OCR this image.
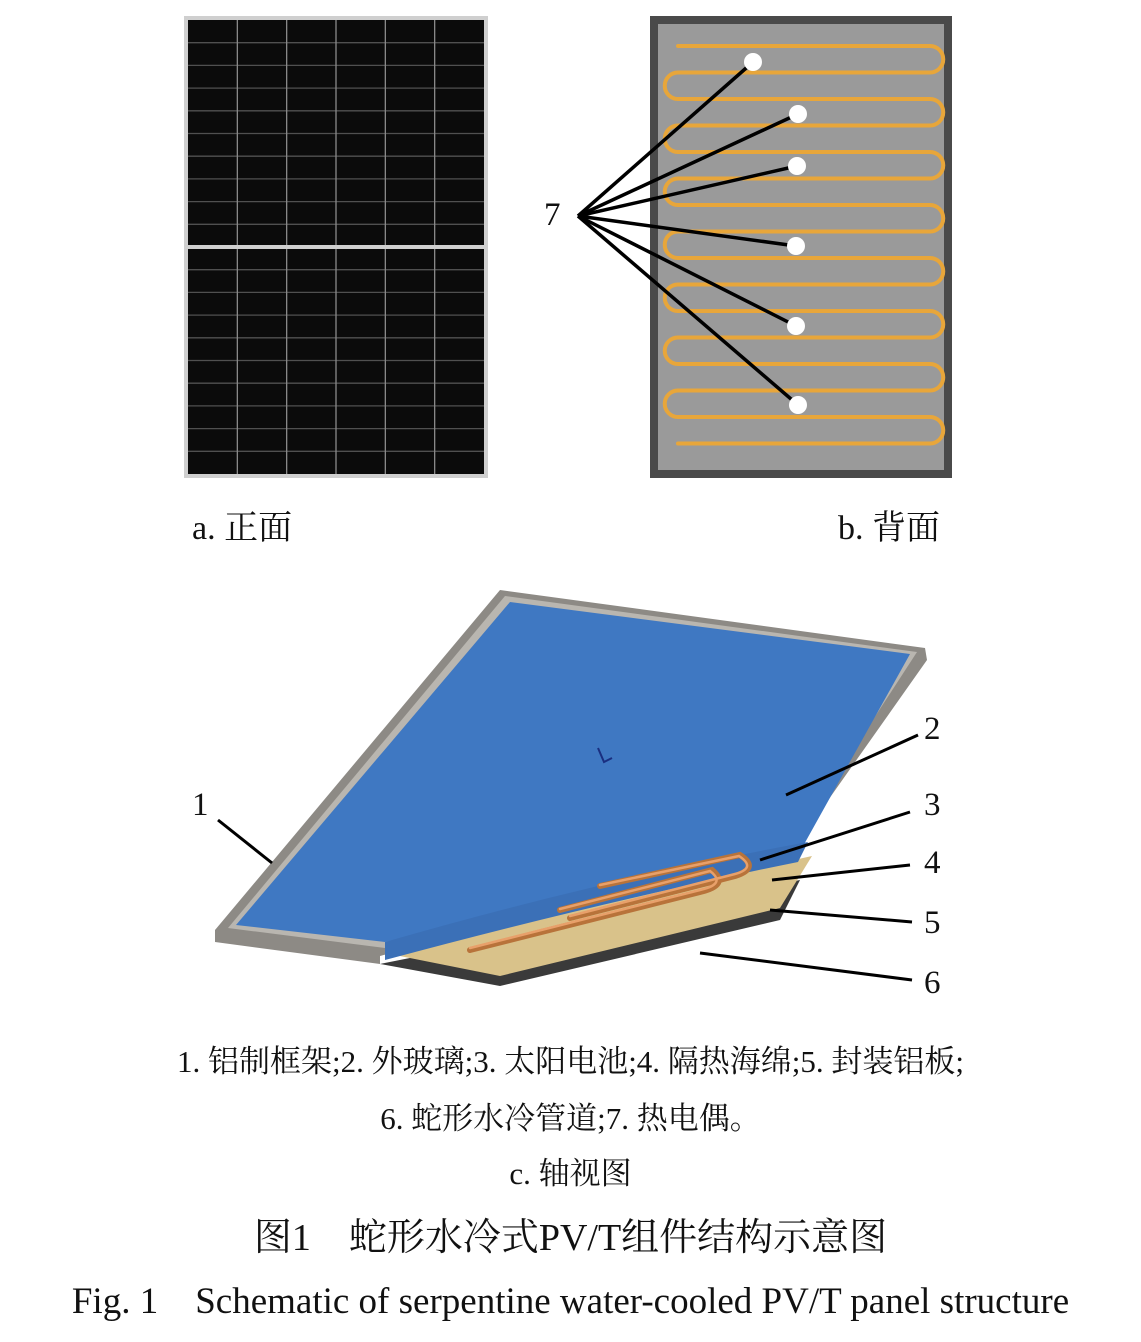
a. 正面
7
b. 背面
1
2
3
4
5
6
1. 铝制框架;2. 外玻璃;3. 太阳电池;4. 隔热海绵;5. 封装铝板;
6. 蛇形水冷管道;7. 热电偶。
c. 轴视图
图1　蛇形水冷式PV/T组件结构示意图
Fig. 1　Schematic of serpentine water-cooled PV/T panel structure
